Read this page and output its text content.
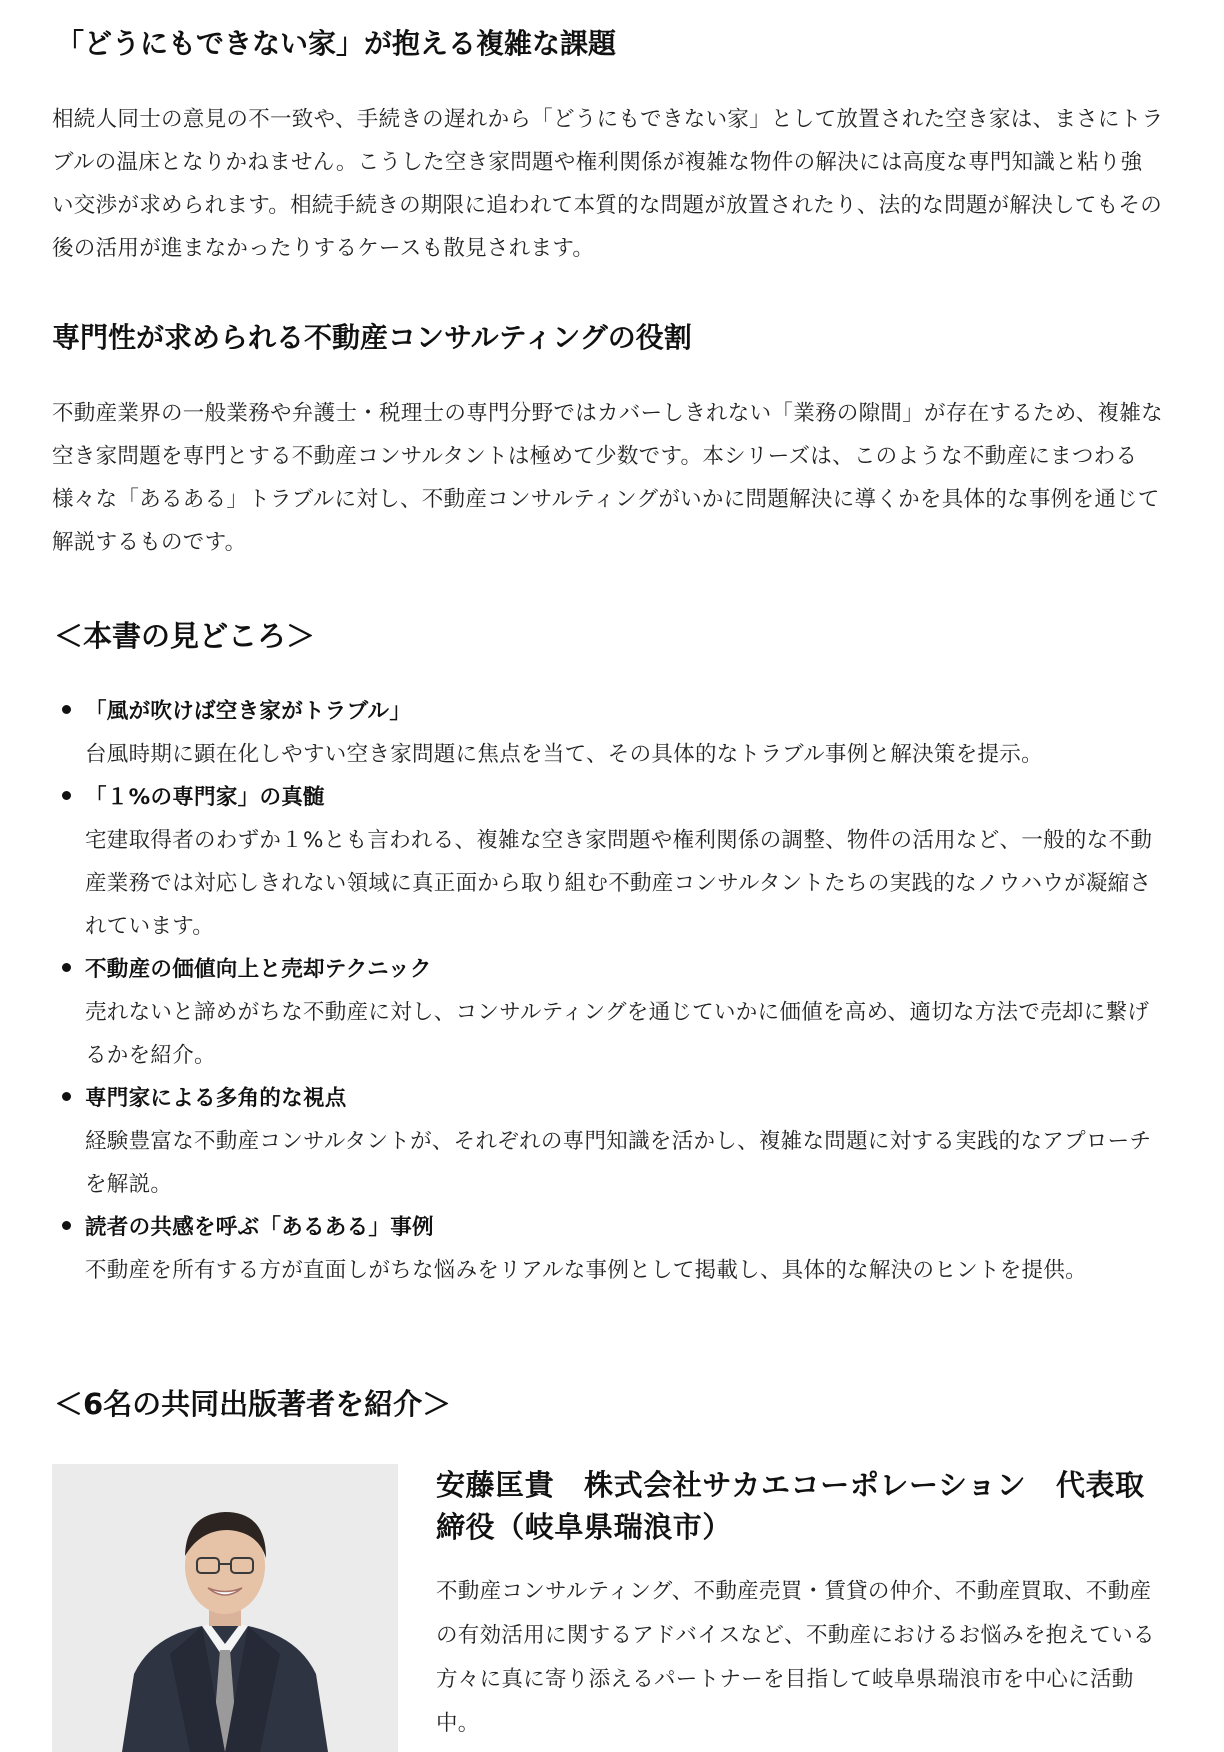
「どうにもできない家」が抱える複雑な課題

相続人同士の意見の不一致や、手続きの遅れから「どうにもできない家」として放置された空き家は、まさにトラブルの温床となりかねません。こうした空き家問題や権利関係が複雑な物件の解決には高度な専門知識と粘り強い交渉が求められます。相続手続きの期限に追われて本質的な問題が放置されたり、法的な問題が解決してもその後の活用が進まなかったりするケースも散見されます。

専門性が求められる不動産コンサルティングの役割

不動産業界の一般業務や弁護士・税理士の専門分野ではカバーしきれない「業務の隙間」が存在するため、複雑な空き家問題を専門とする不動産コンサルタントは極めて少数です。本シリーズは、このような不動産にまつわる様々な「あるある」トラブルに対し、不動産コンサルティングがいかに問題解決に導くかを具体的な事例を通じて解説するものです。

＜本書の見どころ＞
「風が吹けば空き家がトラブル」
台風時期に顕在化しやすい空き家問題に焦点を当て、その具体的なトラブル事例と解決策を提示。
「１%の専門家」の真髄
宅建取得者のわずか１%とも言われる、複雑な空き家問題や権利関係の調整、物件の活用など、一般的な不動産業務では対応しきれない領域に真正面から取り組む不動産コンサルタントたちの実践的なノウハウが凝縮されています。
不動産の価値向上と売却テクニック
売れないと諦めがちな不動産に対し、コンサルティングを通じていかに価値を高め、適切な方法で売却に繋げるかを紹介。
専門家による多角的な視点
経験豊富な不動産コンサルタントが、それぞれの専門知識を活かし、複雑な問題に対する実践的なアプローチを解説。
読者の共感を呼ぶ「あるある」事例
不動産を所有する方が直面しがちな悩みをリアルな事例として掲載し、具体的な解決のヒントを提供。
＜6名の共同出版著者を紹介＞
安藤匡貴　株式会社サカエコーポレーション　代表取締役（岐阜県瑞浪市）

不動産コンサルティング、不動産売買・賃貸の仲介、不動産買取、不動産の有効活用に関するアドバイスなど、不動産におけるお悩みを抱えている方々に真に寄り添えるパートナーを目指して岐阜県瑞浪市を中心に活動中。
